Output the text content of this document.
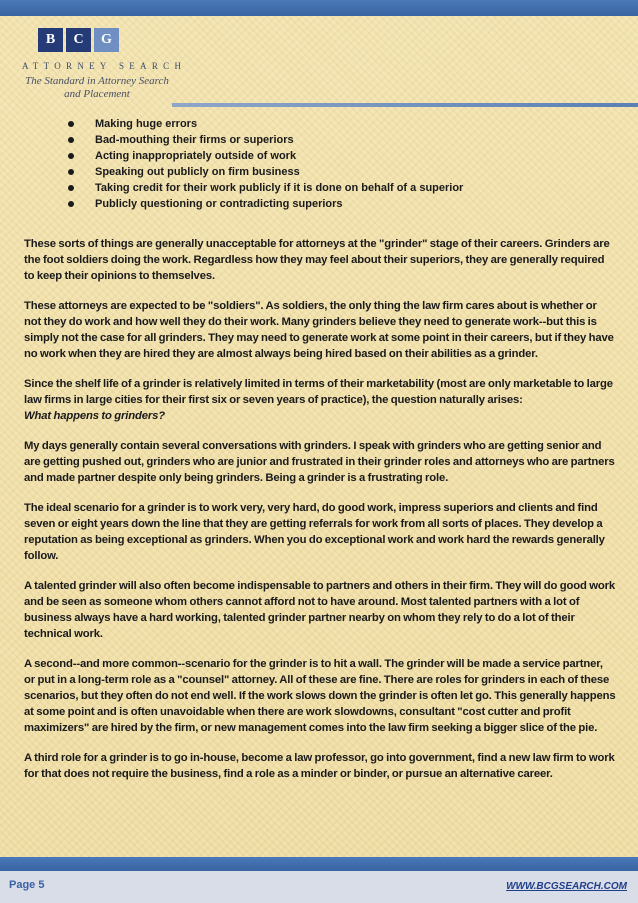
B	C	G
ATTORNEY SEARCH
The Standard in Attorney Search and Placement
Making huge errors
Bad-mouthing their firms or superiors
Acting inappropriately outside of work
Speaking out publicly on firm business
Taking credit for their work publicly if it is done on behalf of a superior
Publicly questioning or contradicting superiors

These sorts of things are generally unacceptable for attorneys at the "grinder" stage of their careers. Grinders are the foot soldiers doing the work. Regardless how they may feel about their superiors, they are generally required to keep their opinions to themselves.

These attorneys are expected to be "soldiers". As soldiers, the only thing the law firm cares about is whether or not they do work and how well they do their work. Many grinders believe they need to generate work--but this is simply not the case for all grinders. They may need to generate work at some point in their careers, but if they have no work when they are hired they are almost always being hired based on their abilities as a grinder.

Since the shelf life of a grinder is relatively limited in terms of their marketability (most are only marketable to large law firms in large cities for their first six or seven years of practice), the question naturally arises:
What happens to grinders?

My days generally contain several conversations with grinders. I speak with grinders who are getting senior and are getting pushed out, grinders who are junior and frustrated in their grinder roles and attorneys who are partners and made partner despite only being grinders. Being a grinder is a frustrating role.

The ideal scenario for a grinder is to work very, very hard, do good work, impress superiors and clients and find seven or eight years down the line that they are getting referrals for work from all sorts of places. They develop a reputation as being exceptional as grinders. When you do exceptional work and work hard the rewards generally follow.

A talented grinder will also often become indispensable to partners and others in their firm. They will do good work and be seen as someone whom others cannot afford not to have around. Most talented partners with a lot of business always have a hard working, talented grinder partner nearby on whom they rely to do a lot of their technical work.

A second--and more common--scenario for the grinder is to hit a wall. The grinder will be made a service partner, or put in a long-term role as a "counsel" attorney. All of these are fine. There are roles for grinders in each of these scenarios, but they often do not end well. If the work slows down the grinder is often let go. This generally happens at some point and is often unavoidable when there are work slowdowns, consultant "cost cutter and profit maximizers" are hired by the firm, or new management comes into the law firm seeking a bigger slice of the pie.

A third role for a grinder is to go in-house, become a law professor, go into government, find a new law firm to work for that does not require the business, find a role as a minder or binder, or pursue an alternative career.

Page 5	WWW.BCGSEARCH.COM
